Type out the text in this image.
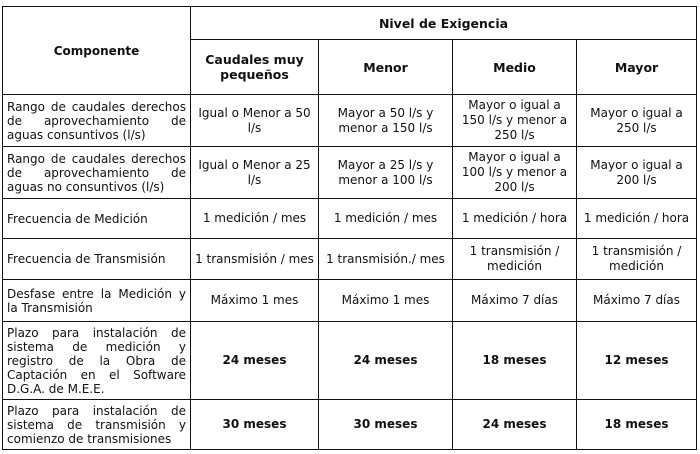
Componente	Nivel de Exigencia			
	Caudales muy pequeños	Menor	Medio	Mayor
Rango de caudales derechos de aprovechamiento de aguas consuntivos (l/s)	Igual o Menor a 50 l/s	Mayor a 50 l/s y menor a 150 l/s	Mayor o igual a 150 l/s y menor a 250 l/s	Mayor o igual a 250 l/s
Rango de caudales derechos de aprovechamiento de aguas no consuntivos (l/s)	Igual o Menor a 25 l/s	Mayor a 25 l/s y menor a 100 l/s	Mayor o igual a 100 l/s y menor a 200 l/s	Mayor o igual a 200 l/s
Frecuencia de Medición	1 medición / mes	1 medición / mes	1 medición / hora	1 medición / hora
Frecuencia de Transmisión	1 transmisión / mes	1 transmisión./ mes	1 transmisión / medición	1 transmisión / medición
Desfase entre la Medición y la Transmisión	Máximo 1 mes	Máximo 1 mes	Máximo 7 días	Máximo 7 días
Plazo para instalación de sistema de medición y registro de la Obra de Captación en el Software D.G.A. de M.E.E.	24 meses	24 meses	18 meses	12 meses
Plazo para instalación de sistema de transmisión y comienzo de transmisiones	30 meses	30 meses	24 meses	18 meses
